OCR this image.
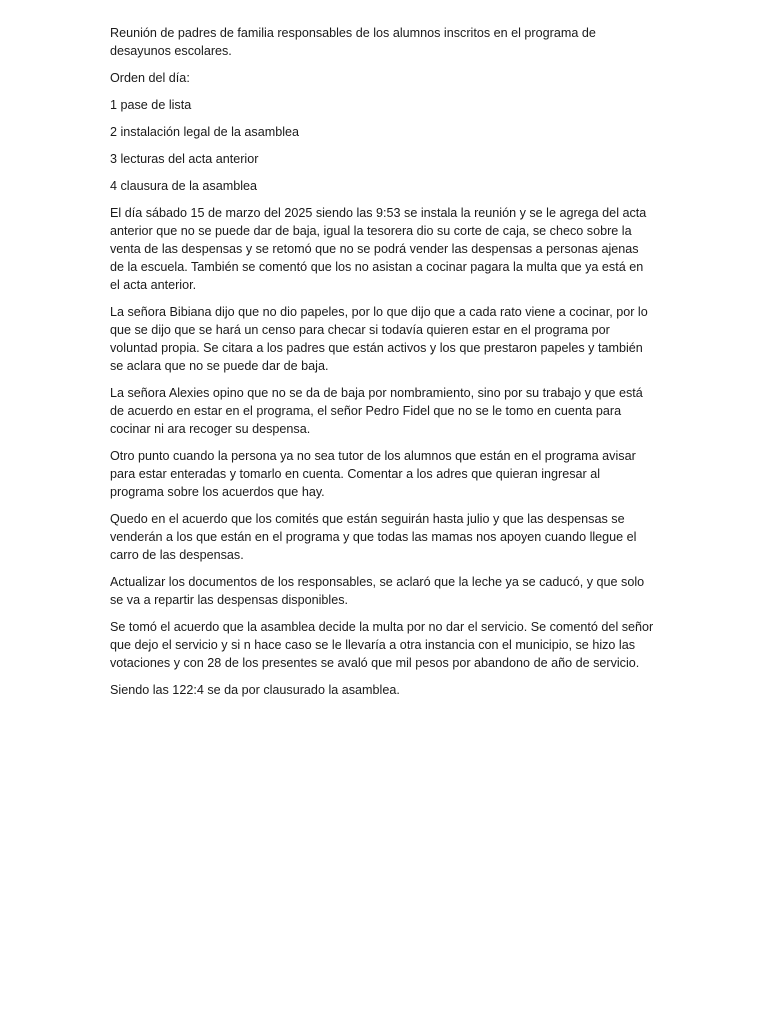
Reunión de padres de familia responsables de los alumnos inscritos en el programa de desayunos escolares.

Orden del día:

1 pase de lista

2 instalación legal de la asamblea

3 lecturas del acta anterior

4 clausura de la asamblea

El día sábado 15 de marzo del 2025 siendo las 9:53 se instala la reunión y se le agrega del acta anterior que no se puede dar de baja, igual la tesorera dio su corte de caja, se checo sobre la venta de las despensas y se retomó que no se podrá vender las despensas a personas ajenas de la escuela. También se comentó que los no asistan a cocinar pagara la multa que ya está en el acta anterior.

La señora Bibiana dijo que no dio papeles, por lo que dijo que a cada rato viene a cocinar, por lo que se dijo que se hará un censo para checar si todavía quieren estar en el programa por voluntad propia. Se citara a los padres que están activos y los que prestaron papeles y también se aclara que no se puede dar de baja.

La señora Alexies opino que no se da de baja por nombramiento, sino por su trabajo y que está de acuerdo en estar en el programa, el señor Pedro Fidel que no se le tomo en cuenta para cocinar ni ara recoger su despensa.

Otro punto cuando la persona ya no sea tutor de los alumnos que están en el programa avisar para estar enteradas y tomarlo en cuenta. Comentar a los adres que quieran ingresar al programa sobre los acuerdos que hay.

Quedo en el acuerdo que los comités que están seguirán hasta julio y que las despensas se venderán a los que están en el programa y que todas las mamas nos apoyen cuando llegue el carro de las despensas.

Actualizar los documentos de los responsables, se aclaró que la leche ya se caducó, y que solo se va a repartir las despensas disponibles.

Se tomó el acuerdo que la asamblea decide la multa por no dar el servicio. Se comentó del señor que dejo el servicio y si n hace caso se le llevaría a otra instancia con el municipio, se hizo las votaciones y con 28 de los presentes se avaló que mil pesos por abandono de año de servicio.

Siendo las 122:4 se da por clausurado la asamblea.
